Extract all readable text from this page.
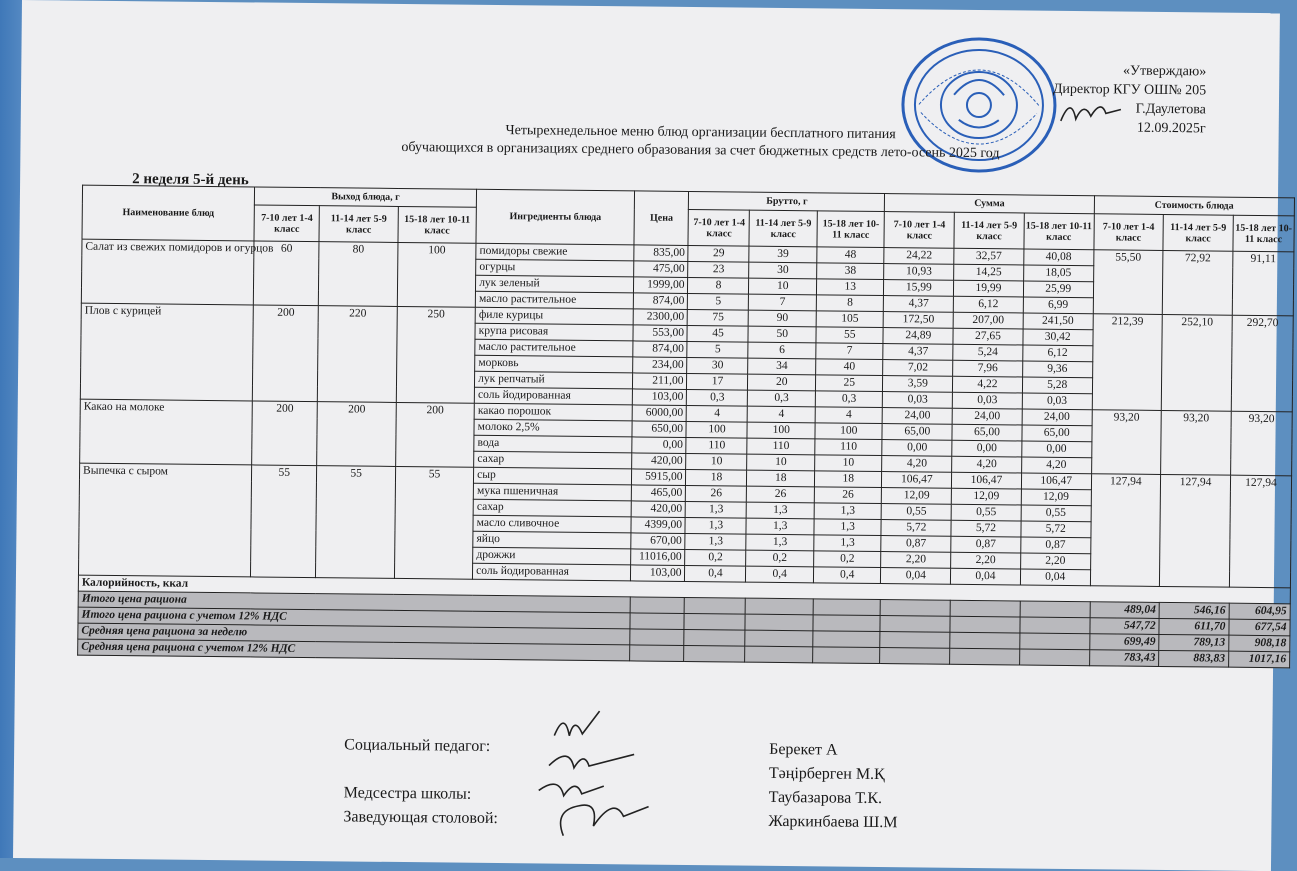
«Утверждаю»
Директор КГУ ОШ№ 205
Г.Даулетова
12.09.2025г
Четырехнедельное меню блюд организации бесплатного питания
обучающихся в организациях среднего образования за счет бюджетных средств лето-осень 2025 год
2 неделя 5-й день
Наименование блюд	Выход блюда, г			Ингредиенты блюда	Цена	Брутто, г			Сумма			Стоимость блюда		
	7-10 лет 1-4 класс	11-14 лет 5-9 класс	15-18 лет 10-11 класс			7-10 лет 1-4 класс	11-14 лет 5-9 класс	15-18 лет 10-11 класс	7-10 лет 1-4 класс	11-14 лет 5-9 класс	15-18 лет 10-11 класс	7-10 лет 1-4 класс	11-14 лет 5-9 класс	15-18 лет 10-11 класс
Салат из свежих помидоров и огурцов	60	80	100	помидоры свежие	835,00	29	39	48	24,22	32,57	40,08	55,50	72,92	91,11
				огурцы	475,00	23	30	38	10,93	14,25	18,05			
				лук зеленый	1999,00	8	10	13	15,99	19,99	25,99			
				масло растительное	874,00	5	7	8	4,37	6,12	6,99			
Плов с курицей	200	220	250	филе курицы	2300,00	75	90	105	172,50	207,00	241,50	212,39	252,10	292,70
				крупа рисовая	553,00	45	50	55	24,89	27,65	30,42			
				масло растительное	874,00	5	6	7	4,37	5,24	6,12			
				морковь	234,00	30	34	40	7,02	7,96	9,36			
				лук репчатый	211,00	17	20	25	3,59	4,22	5,28			
				соль йодированная	103,00	0,3	0,3	0,3	0,03	0,03	0,03			
Какао на молоке	200	200	200	какао порошок	6000,00	4	4	4	24,00	24,00	24,00	93,20	93,20	93,20
				молоко 2,5%	650,00	100	100	100	65,00	65,00	65,00			
				вода	0,00	110	110	110	0,00	0,00	0,00			
				сахар	420,00	10	10	10	4,20	4,20	4,20			
Выпечка с сыром	55	55	55	сыр	5915,00	18	18	18	106,47	106,47	106,47	127,94	127,94	127,94
				мука пшеничная	465,00	26	26	26	12,09	12,09	12,09			
				сахар	420,00	1,3	1,3	1,3	0,55	0,55	0,55			
				масло сливочное	4399,00	1,3	1,3	1,3	5,72	5,72	5,72			
				яйцо	670,00	1,3	1,3	1,3	0,87	0,87	0,87			
				дрожжи	11016,00	0,2	0,2	0,2	2,20	2,20	2,20			
				соль йодированная	103,00	0,4	0,4	0,4	0,04	0,04	0,04			
Калорийность, ккал														
Итого цена рациона												489,04	546,16	604,95
Итого цена рациона с учетом 12% НДС												547,72	611,70	677,54
Средняя цена рациона за неделю												699,49	789,13	908,18
Средняя цена рациона с учетом 12% НДС												783,43	883,83	1017,16
Социальный педагог:	Берекет А
Тәңірберген М.Қ
Медсестра школы:	Таубазарова Т.К.
Заведующая столовой:	Жаркинбаева Ш.М
